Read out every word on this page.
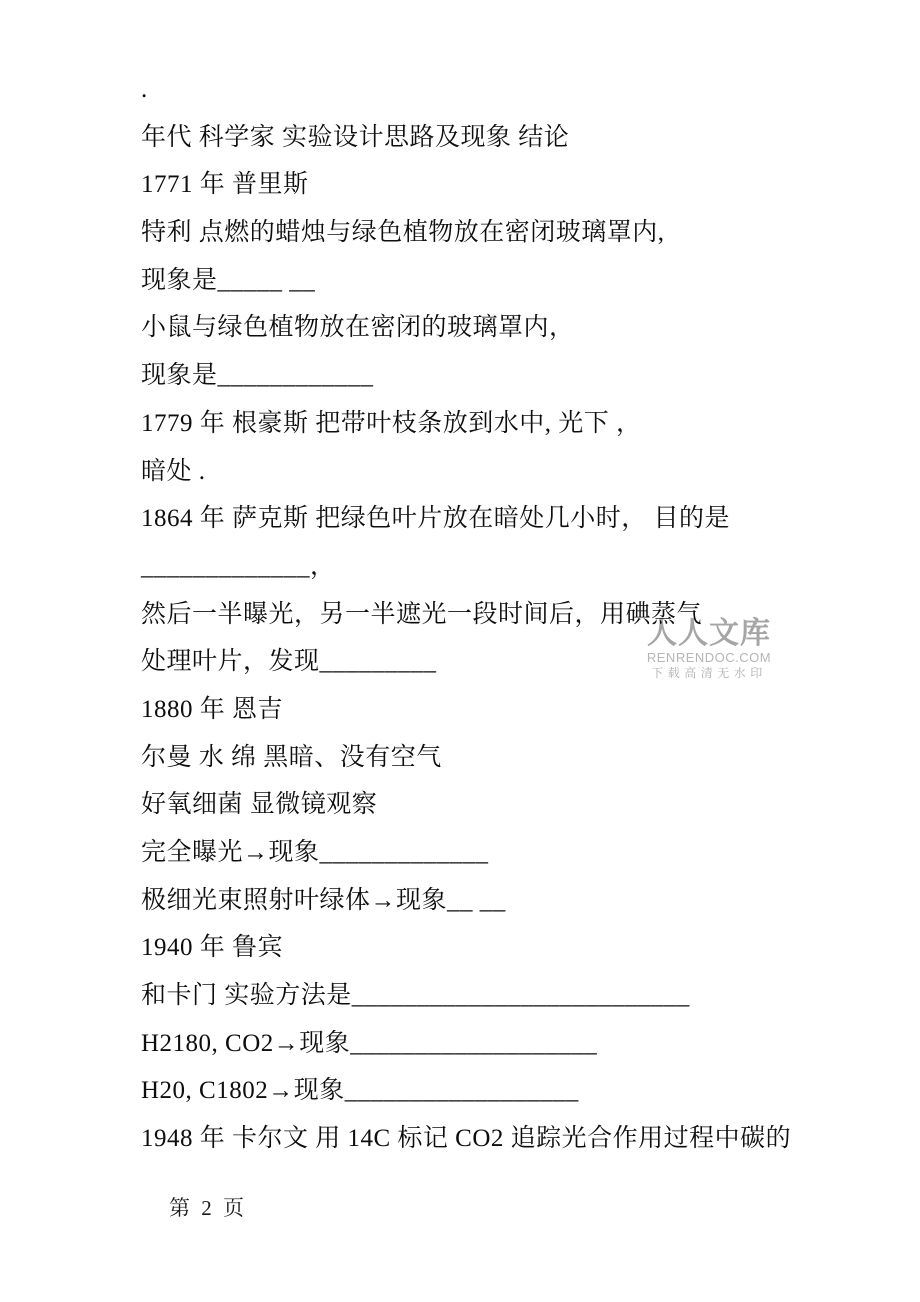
人人文库
RENRENDOC.COM
下载高清无水印
.
年代 科学家 实验设计思路及现象 结论
1771 年 普里斯
特利 点燃的蜡烛与绿色植物放在密闭玻璃罩内,
现象是_____ __
小鼠与绿色植物放在密闭的玻璃罩内，
现象是____________
1779 年 根豪斯 把带叶枝条放到水中, 光下 ，
暗处 .
1864 年 萨克斯 把绿色叶片放在暗处几小时， 目的是
_____________，
然后一半曝光，另一半遮光一段时间后，用碘蒸气
处理叶片，发现_________
1880 年 恩吉
尔曼 水 绵 黑暗、没有空气
好氧细菌 显微镜观察
完全曝光→现象_____________
极细光束照射叶绿体→现象__ __
1940 年 鲁宾
和卡门 实验方法是__________________________
H2180, CO2→现象___________________
H20, C1802→现象__________________
1948 年 卡尔文 用 14C 标记 CO2 追踪光合作用过程中碳的
第 2 页
